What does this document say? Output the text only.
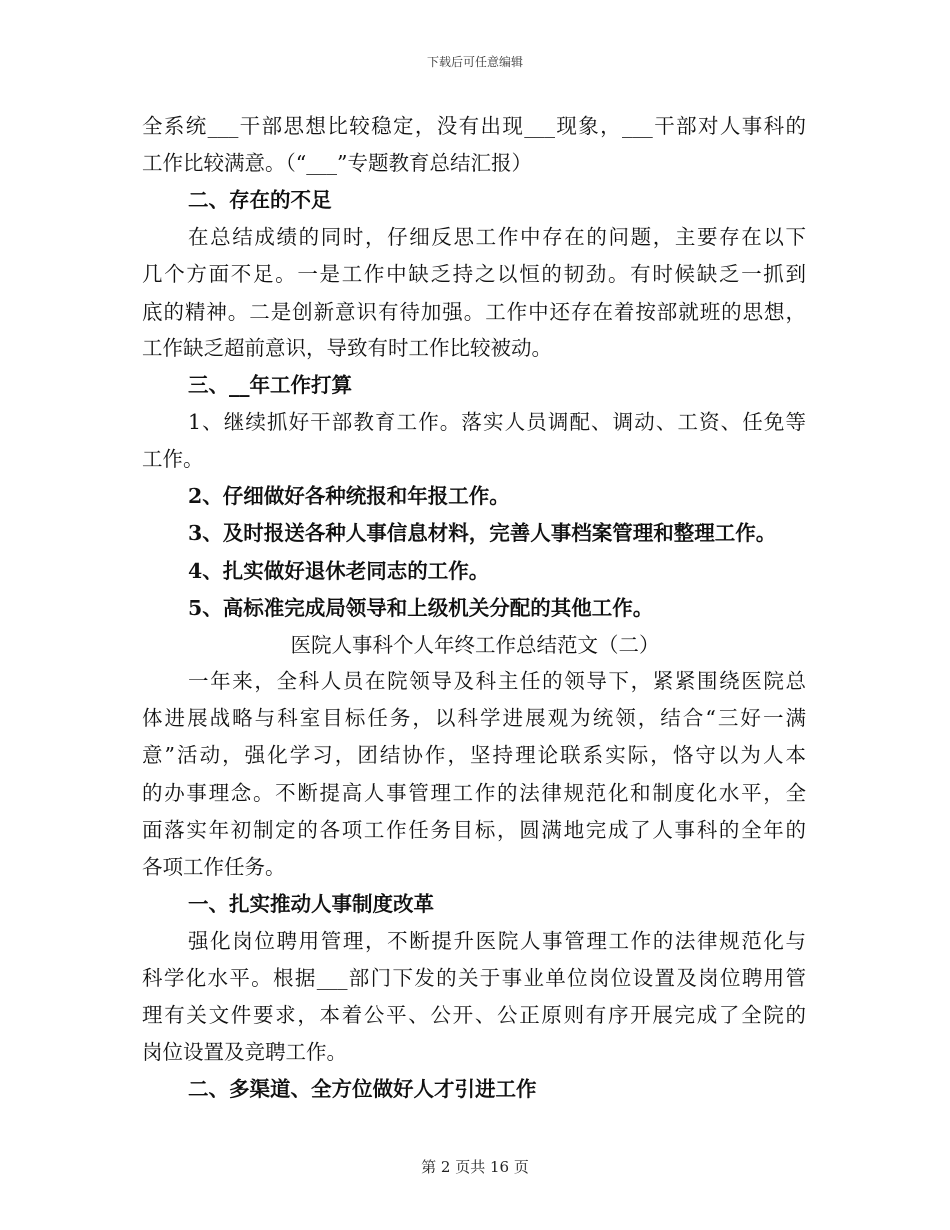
下载后可任意编辑
全系统___干部思想比较稳定，没有出现___现象，___干部对人事科的
工作比较满意。（“___”专题教育总结汇报）
二、存在的不足
在总结成绩的同时，仔细反思工作中存在的问题，主要存在以下
几个方面不足。一是工作中缺乏持之以恒的韧劲。有时候缺乏一抓到
底的精神。二是创新意识有待加强。工作中还存在着按部就班的思想，
工作缺乏超前意识，导致有时工作比较被动。
三、__年工作打算
1、继续抓好干部教育工作。落实人员调配、调动、工资、任免等
工作。
2、仔细做好各种统报和年报工作。
3、及时报送各种人事信息材料，完善人事档案管理和整理工作。
4、扎实做好退休老同志的工作。
5、高标准完成局领导和上级机关分配的其他工作。
医院人事科个人年终工作总结范文（二）
一年来，全科人员在院领导及科主任的领导下，紧紧围绕医院总
体进展战略与科室目标任务，以科学进展观为统领，结合“三好一满
意”活动，强化学习，团结协作，坚持理论联系实际，恪守以为人本
的办事理念。不断提高人事管理工作的法律规范化和制度化水平，全
面落实年初制定的各项工作任务目标，圆满地完成了人事科的全年的
各项工作任务。
一、扎实推动人事制度改革
强化岗位聘用管理，不断提升医院人事管理工作的法律规范化与
科学化水平。根据___部门下发的关于事业单位岗位设置及岗位聘用管
理有关文件要求，本着公平、公开、公正原则有序开展完成了全院的
岗位设置及竞聘工作。
二、多渠道、全方位做好人才引进工作
第 2 页共 16 页
